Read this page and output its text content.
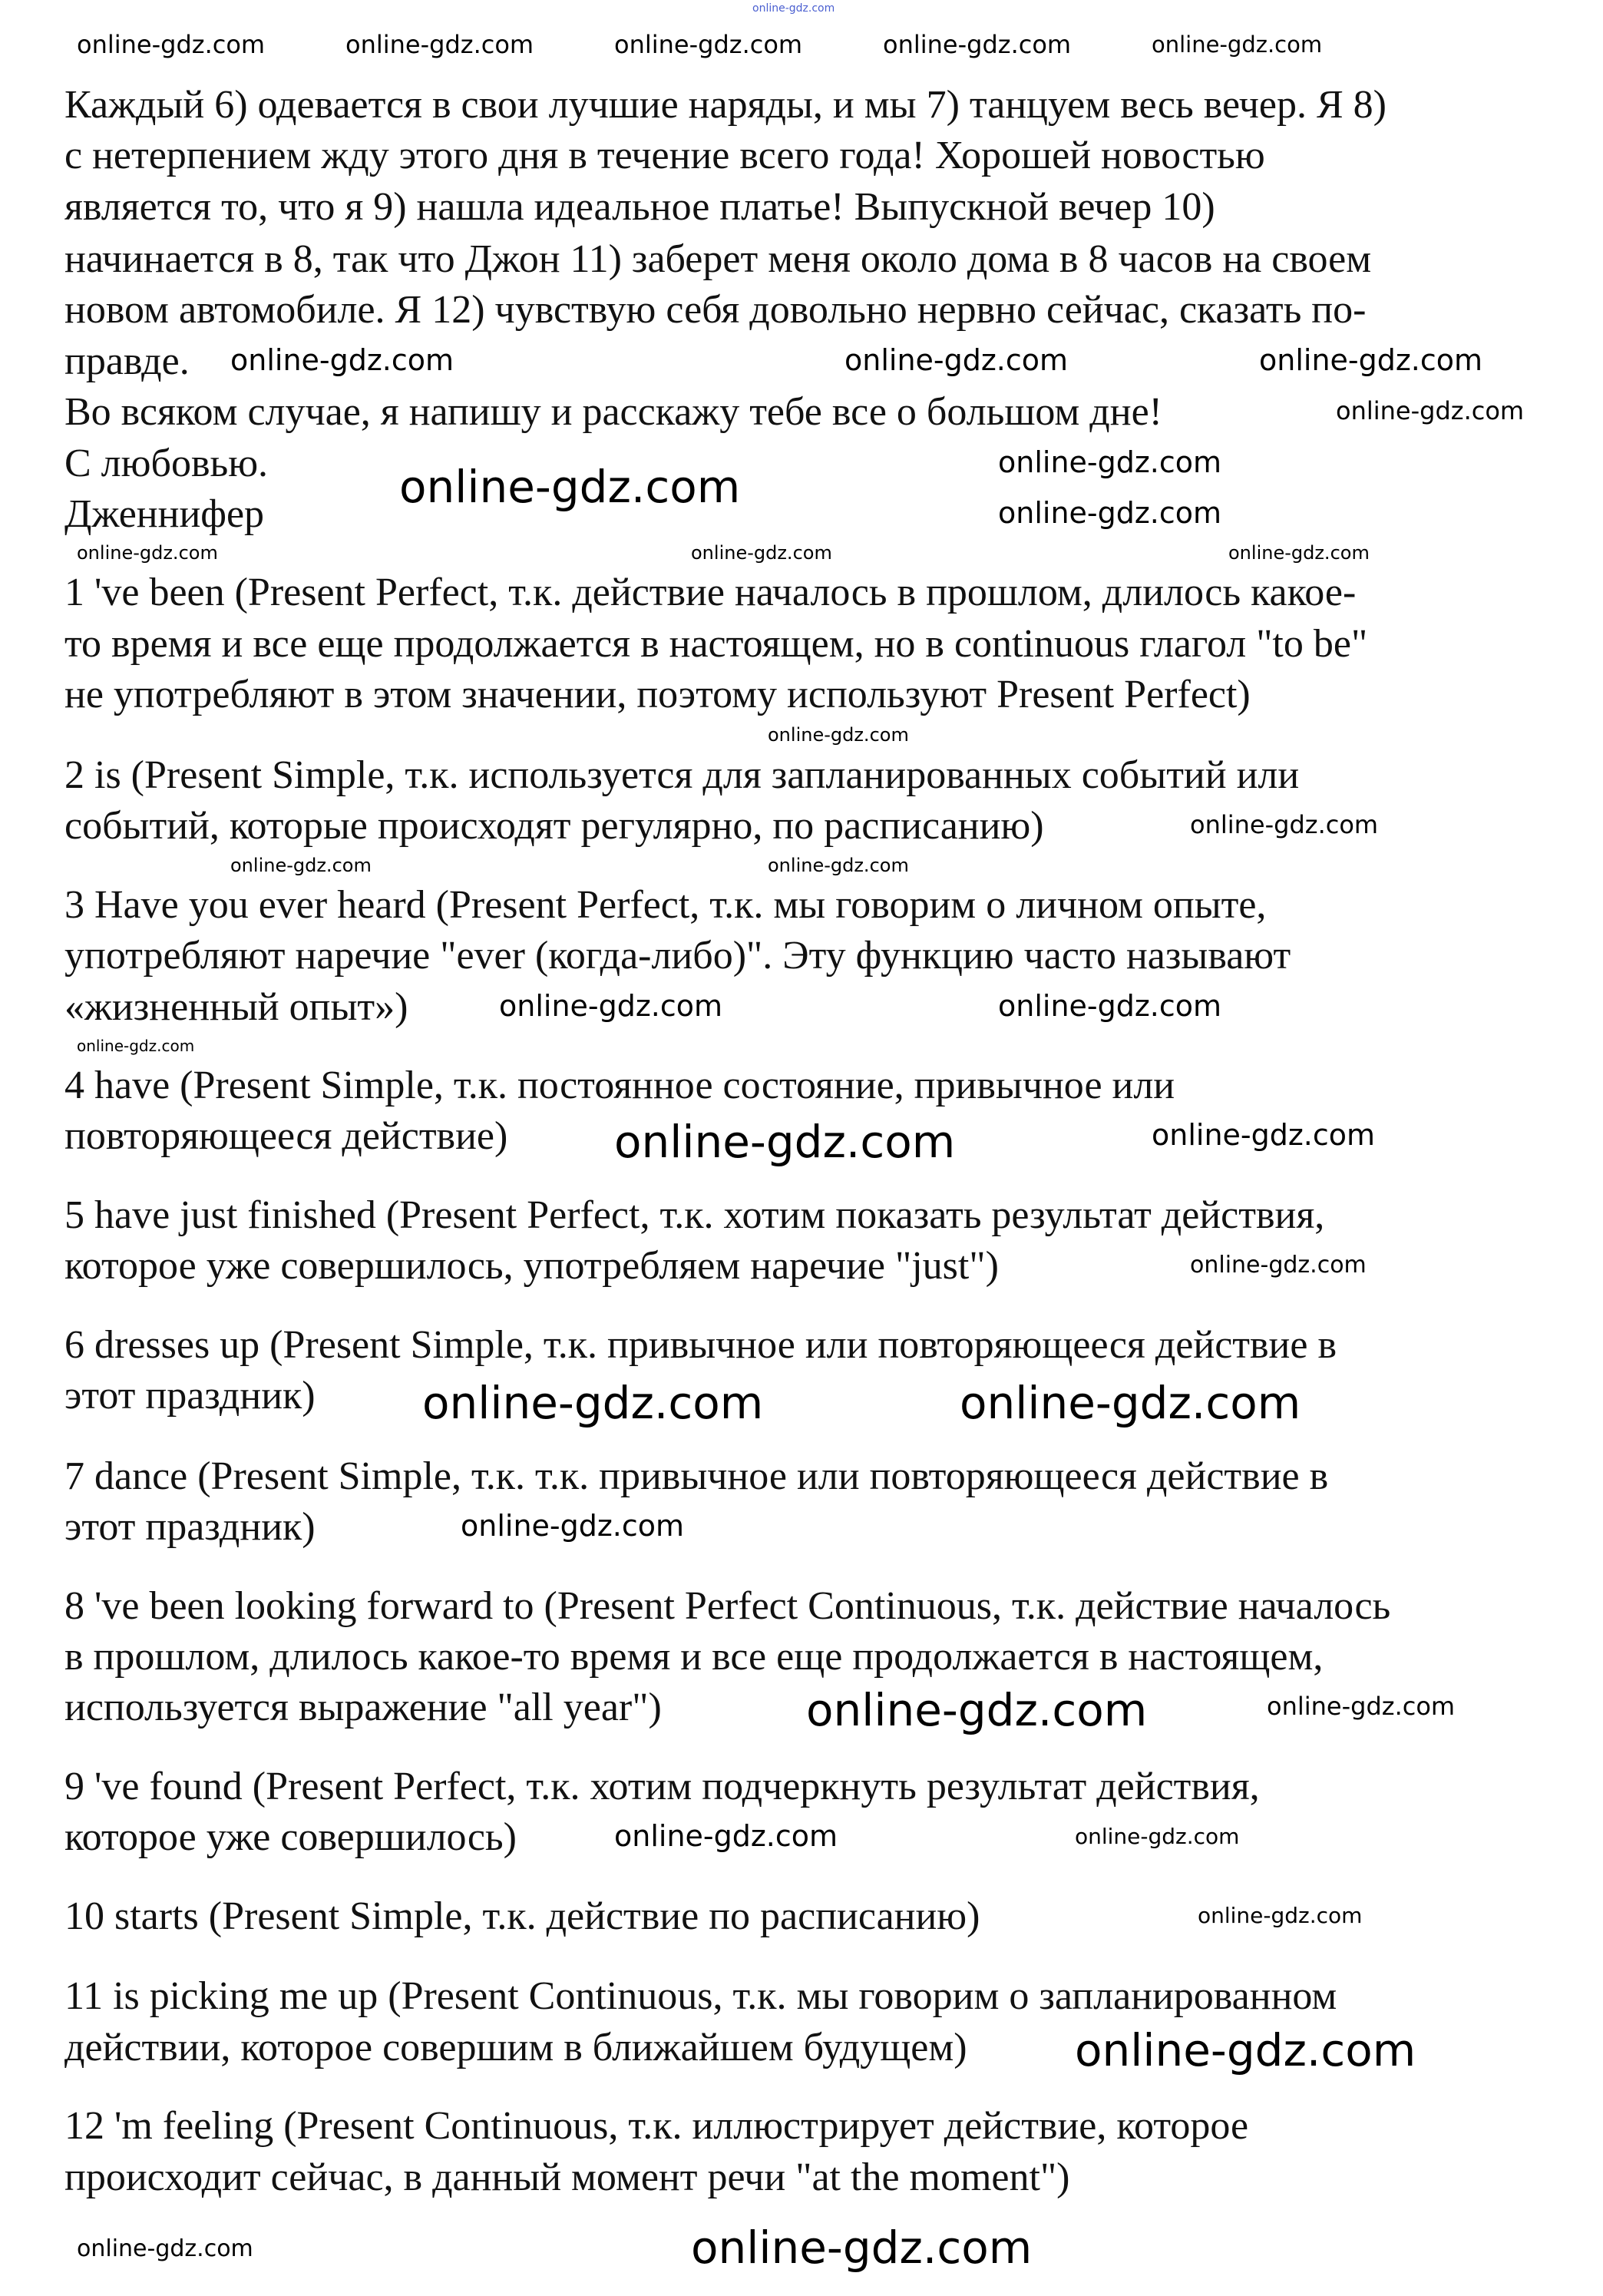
Каждый 6) одевается в свои лучшие наряды, и мы 7) танцуем весь вечер. Я 8)
с нетерпением жду этого дня в течение всего года! Хорошей новостью
является то, что я 9) нашла идеальное платье! Выпускной вечер 10)
начинается в 8, так что Джон 11) заберет меня около дома в 8 часов на своем
новом автомобиле. Я 12) чувствую себя довольно нервно сейчас, сказать по-
правде.
Во всяком случае, я напишу и расскажу тебе все о большом дне!
С любовью.
Дженнифер
1 've been (Present Perfect, т.к. действие началось в прошлом, длилось какое-
то время и все еще продолжается в настоящем, но в continuous глагол "to be"
не употребляют в этом значении, поэтому используют Present Perfect)
2 is (Present Simple, т.к. используется для запланированных событий или
событий, которые происходят регулярно, по расписанию)
3 Have you ever heard (Present Perfect, т.к. мы говорим о личном опыте,
употребляют наречие "ever (когда-либо)". Эту функцию часто называют
«жизненный опыт»)
4 have (Present Simple, т.к. постоянное состояние, привычное или
повторяющееся действие)
5 have just finished (Present Perfect, т.к. хотим показать результат действия,
которое уже совершилось, употребляем наречие "just")
6 dresses up (Present Simple, т.к. привычное или повторяющееся действие в
этот праздник)
7 dance (Present Simple, т.к. т.к. привычное или повторяющееся действие в
этот праздник)
8 've been looking forward to (Present Perfect Continuous, т.к. действие началось
в прошлом, длилось какое-то время и все еще продолжается в настоящем,
используется выражение "all year")
9 've found (Present Perfect, т.к. хотим подчеркнуть результат действия,
которое уже совершилось)
10 starts (Present Simple, т.к. действие по расписанию)
11 is picking me up (Present Continuous, т.к. мы говорим о запланированном
действии, которое совершим в ближайшем будущем)
12 'm feeling (Present Continuous, т.к. иллюстрирует действие, которое
происходит сейчас, в данный момент речи "at the moment")
online-gdz.com
online-gdz.com	online-gdz.com	online-gdz.com	online-gdz.com	online-gdz.com
online-gdz.com	online-gdz.com	online-gdz.com
online-gdz.com
online-gdz.com	online-gdz.com
online-gdz.com
online-gdz.com	online-gdz.com	online-gdz.com
online-gdz.com
online-gdz.com
online-gdz.com	online-gdz.com
online-gdz.com	online-gdz.com
online-gdz.com
online-gdz.com	online-gdz.com
online-gdz.com
online-gdz.com	online-gdz.com
online-gdz.com
online-gdz.com	online-gdz.com
online-gdz.com	online-gdz.com
online-gdz.com
online-gdz.com
online-gdz.com	online-gdz.com
